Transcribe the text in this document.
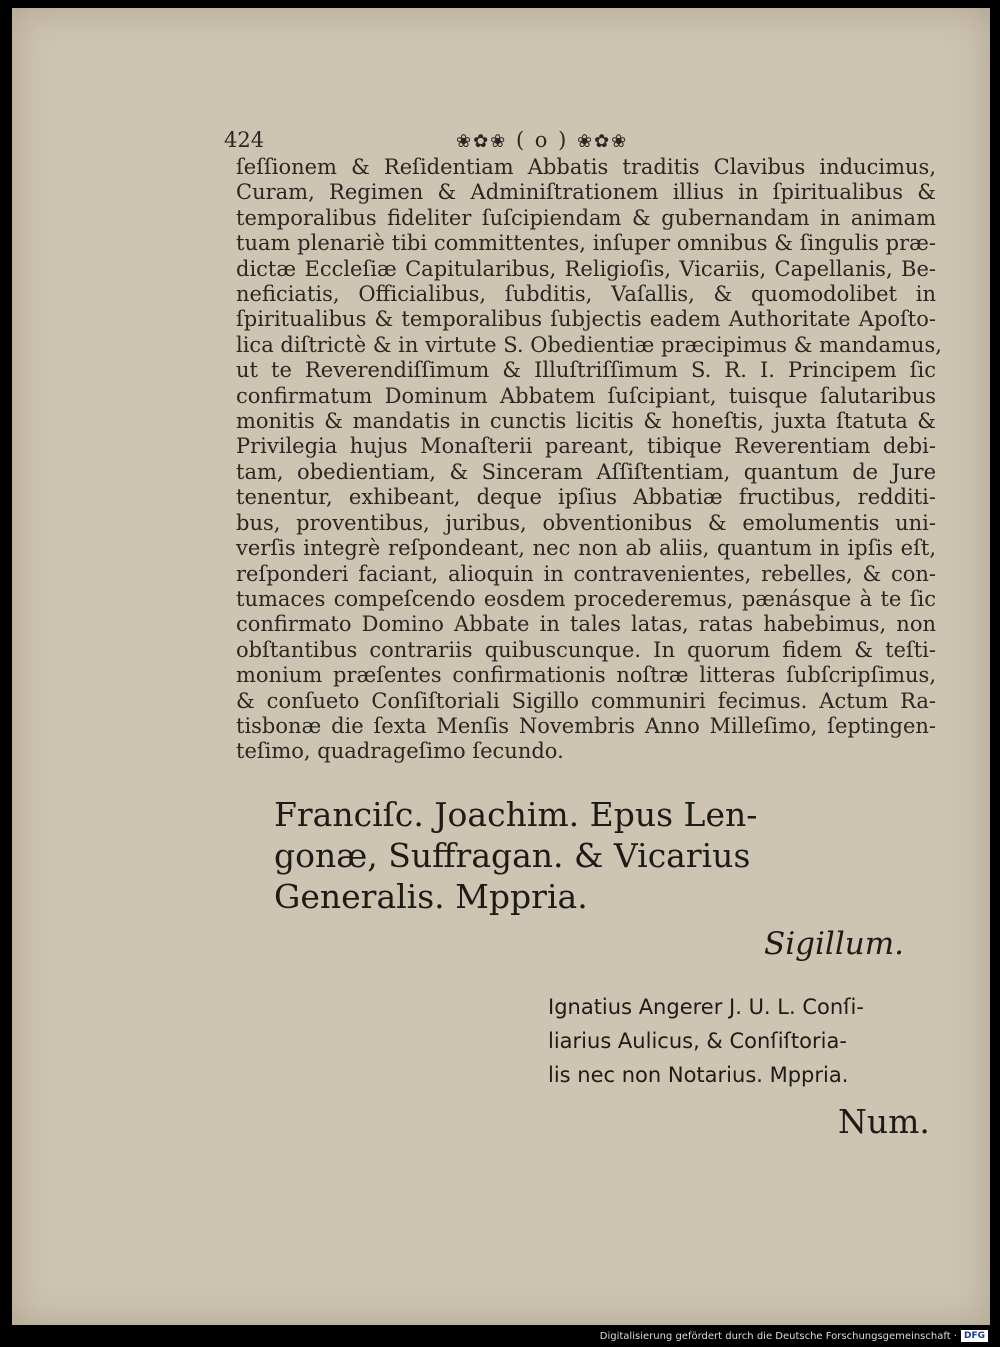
424	❀✿❀ ( o ) ❀✿❀
ſeſſionem & Reſidentiam Abbatis traditis Clavibus inducimus,
Curam, Regimen & Adminiſtrationem illius in ſpiritualibus &
temporalibus fideliter ſuſcipiendam & gubernandam in animam
tuam plenariè tibi committentes, inſuper omnibus & ſingulis præ-
dictæ Eccleſiæ Capitularibus, Religioſis, Vicariis, Capellanis, Be-
neficiatis, Officialibus, ſubditis, Vaſallis, & quomodolibet in
ſpiritualibus & temporalibus ſubjectis eadem Authoritate Apoſto-
lica diſtrictè & in virtute S. Obedientiæ præcipimus & mandamus,
ut te Reverendiſſimum & Illuſtriſſimum S. R. I. Principem ſic
confirmatum Dominum Abbatem ſuſcipiant, tuisque ſalutaribus
monitis & mandatis in cunctis licitis & honeſtis, juxta ſtatuta &
Privilegia hujus Monaſterii pareant, tibique Reverentiam debi-
tam, obedientiam, & Sinceram Aſſiſtentiam, quantum de Jure
tenentur, exhibeant, deque ipſius Abbatiæ fructibus, redditi-
bus, proventibus, juribus, obventionibus & emolumentis uni-
verſis integrè reſpondeant, nec non ab aliis, quantum in ipſis eſt,
reſponderi faciant, alioquin in contravenientes, rebelles, & con-
tumaces compeſcendo eosdem procederemus, pænásque à te ſic
confirmato Domino Abbate in tales latas, ratas habebimus, non
obſtantibus contrariis quibuscunque. In quorum fidem & teſti-
monium præſentes confirmationis noſtræ litteras ſubſcripſimus,
& conſueto Conſiſtoriali Sigillo communiri fecimus. Actum Ra-
tisbonæ die ſexta Menſis Novembris Anno Milleſimo, ſeptingen-
teſimo, quadrageſimo ſecundo.
Franciſc. Joachim. Epus Len-
gonæ, Suffragan. & Vicarius
Generalis. Mppria.
Sigillum.
Ignatius Angerer J. U. L. Conſi-
liarius Aulicus, & Conſiſtoria-
lis nec non Notarius. Mppria.
Num.
Digitalisierung gefördert durch die Deutsche Forschungsgemeinschaft · DFG
